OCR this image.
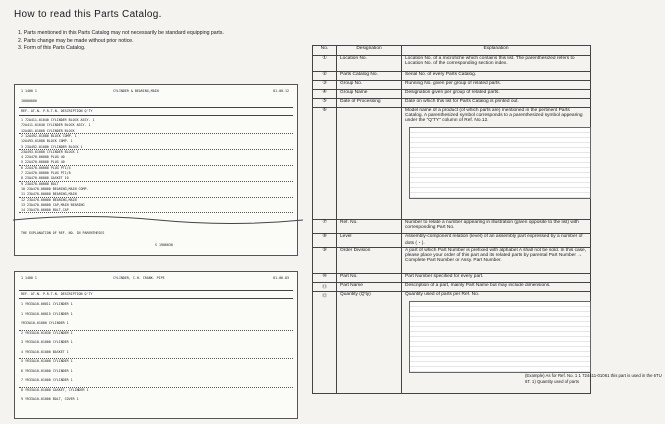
How to read this Parts Catalog.
1. Parts mentioned in this Parts Catalog may not necessarily be standard equipping parts.
2. Parts change may be made without prior notice.
3. Form of this Parts Catalog.
1 1400 1	CYLINDER & BEARING,MAIN	81-00-12
10000000
REF. AT-N- P.R.T-N- DESCRIPTION Q'TY
1 72A411-01040 CYLINDER BLOCK ASSY. 1
72A411-01040 CYLINDER BLOCK ASSY. 1
12A461-01060 CYLINDER BLOCK
2 12A492-01080 BLOCK COMP. 1
12A493-01080 BLOCK COMP. 1
3 23A492-01080 CYLINDER BLOCK 1
23A493-01080 CYLINDER BLOCK 1
4 22A470-00000 PLUG 40
5 22A470-00000 PLUG 40
6 22A470-00000 PLUG PT1/4
7 22A470-00000 PLUG PT1/8
8 23A470-00000 GASKET 10
9 23A470-00000 BOLT
10 23A470-00000 BEARING,MAIN COMP.
11 23A470-00000 BEARING,MAIN
12 23A470-00000 BEARING,MAIN
13 23A470-00000 CAP,MAIN BEARING
14 23A470-00000 BOLT,CAP
THE EXPLANATION OF REF. NO. IN PARENTHESES
S 1900030
1 1400 1	CYLINDER, C.H. CRANK. PIPE	81-06-03
REF. AT-N- P.R.T-N- DESCRIPTION Q'TY
1 YR33A10-00011 CYLINDER 1
1 YR33A10-00015 CYLINDER 1
YR33A10-01000 CYLINDER 1
2 YR33A10-01030 CYLINDER 1
3 YR33A10-01000 CYLINDER 1
4 YR33A10-01000 BASKET 1
5 YR33A10-01000 CYLINDER 1
6 YR33A10-01000 CYLINDER 1
7 YR33A10-01000 CYLINDER 1
8 YR33A10-01000 GASKET, CYLINDER 1
9 YR33A10-01000 BOLT, COVER 1
No.	Designation	Explanation
①	Location No.	Location No. of a microfiche which contains this list. The parenthesized refers to Location No. of the corresponding section index.

②	Parts Catalog No.	Serial No. of every Parts Catalog.

③	Group No.	Running No. given per group of related parts.

④	Group Name	Designation given per group of related parts.

⑤	Date of Processing	Date on which this list for Parts Catalog is printed out.

⑥		Model name of a product (of which parts are) mentioned in the pertinent Parts Catalog. A parenthesized symbol corresponds to a parenthesized symbol appearing under the "Q'TY" column of Ref. No.12.

⑦	Ref. No.	Number to relate a number appearing in illustration (given opposite to the list) with corresponding Part No.

⑧	Level	Assembly-component relation (level) of an assembly part expressed by a number of dots (・).

⑨	Order Division	A part of which Part Number is prefixed with alphabet A shall not be sold. In this case, please place your order of this part and its related parts by parental Part Number → Complete Part Number or Assy. Part Number.

⑩	Part No.	Part Number specified for every part.

⑪	Part Name	Description of a part, mainly Part Name but may include dimensions.

⑫	Quantity (Q'ty)	Quantity used of parts per Ref. No.
(Example) As for Ref. No. 1 1 724411-01061 this part is used in the 6TU 6T. 1) Quantity used of parts
